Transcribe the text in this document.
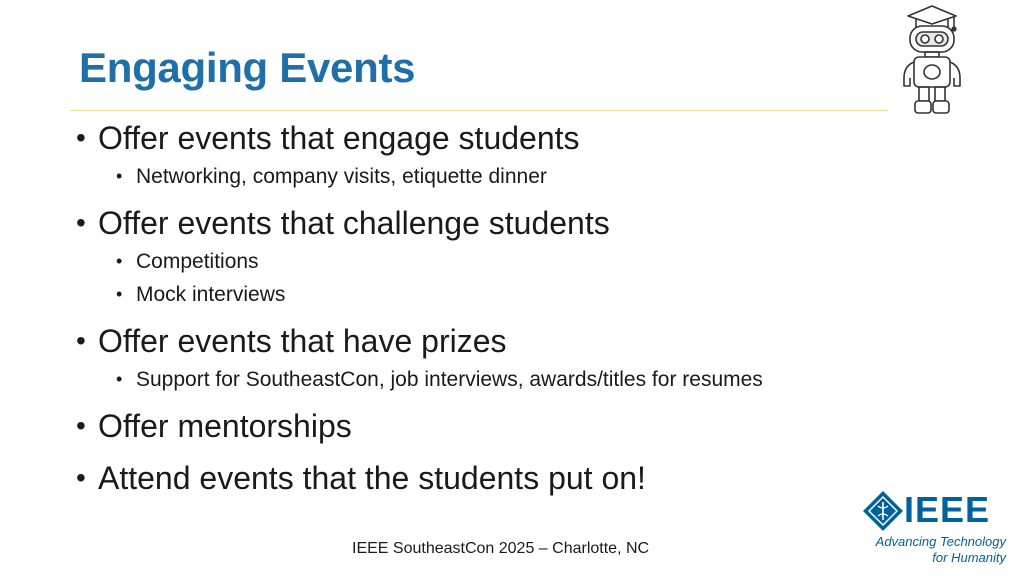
Engaging Events

• Offer events that engage students

• Networking, company visits, etiquette dinner

• Offer events that challenge students

• Competitions

• Mock interviews

• Offer events that have prizes

• Support for SoutheastCon, job interviews, awards/titles for resumes

• Offer mentorships

• Attend events that the students put on!

IEEE SoutheastCon 2025 – Charlotte, NC
IEEE
Advancing Technology
for Humanity
